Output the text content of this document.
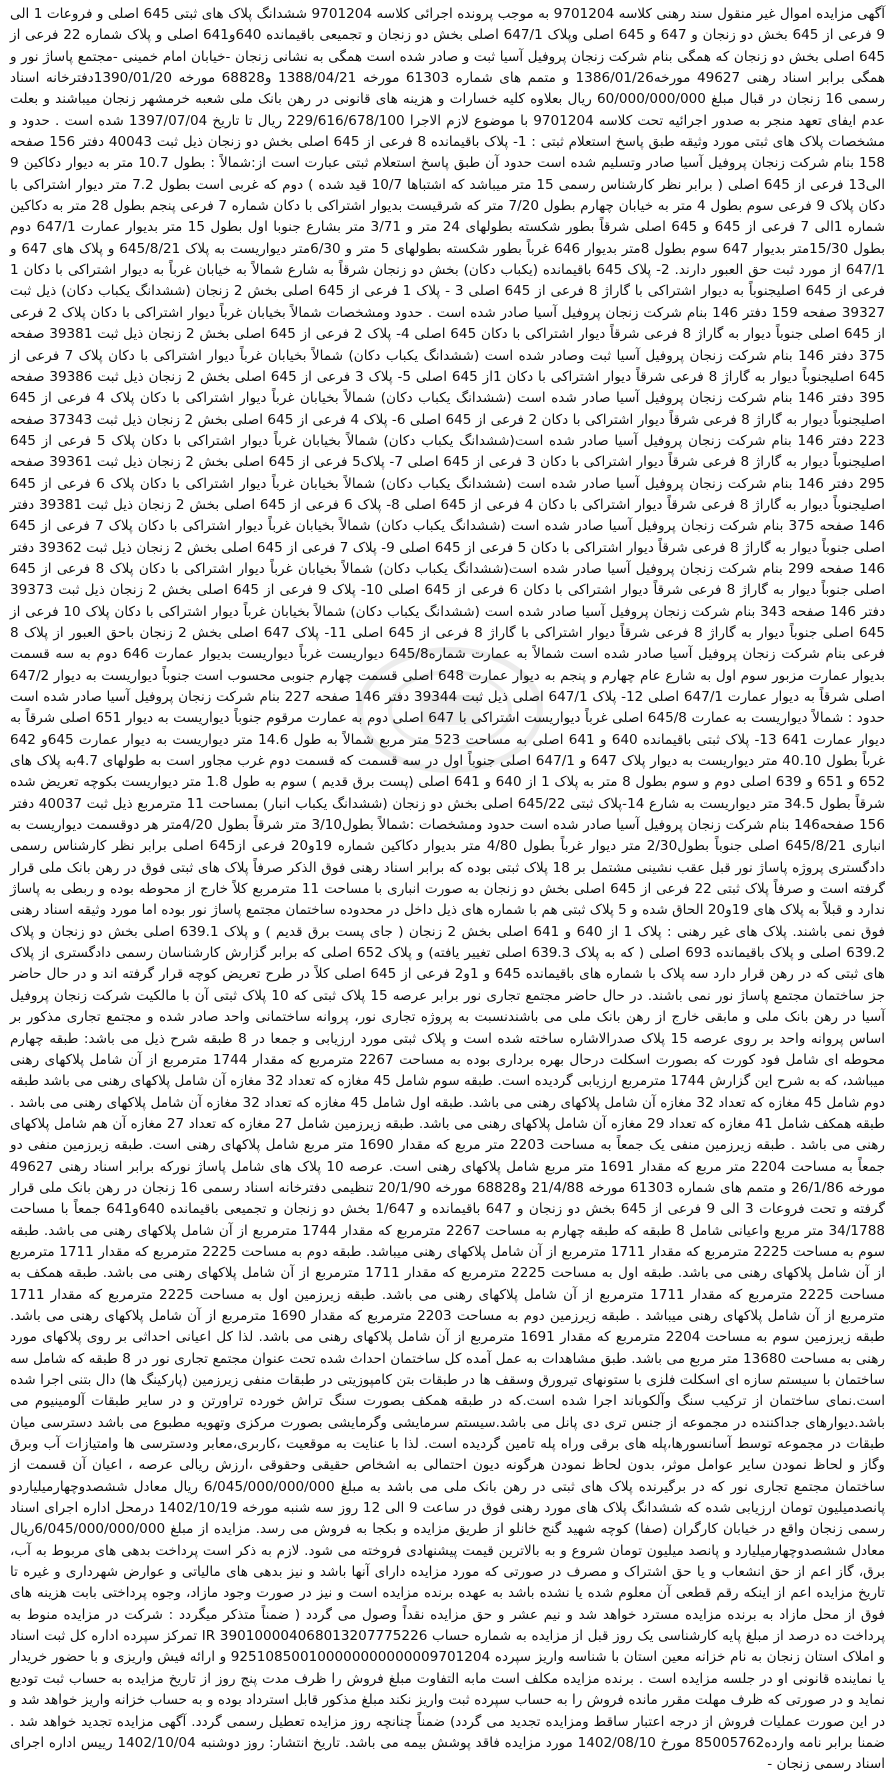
آگهی مزایده اموال غیر منقول سند رهنی کلاسه 9701204 به موجب پرونده اجرائی کلاسه 9701204 ششدانگ پلاک های ثبتی 645 اصلی و فروعات 1 الی 9 فرعی از 645 بخش دو زنجان و 647 و 645 اصلی وپلاک 647/1 اصلی بخش دو زنجان و تجمیعی باقیمانده 640و641 اصلی و پلاک شماره 22 فرعی از 645 اصلی بخش دو زنجان که همگی بنام شرکت زنجان پروفیل آسیا ثبت و صادر شده است همگی به نشانی زنجان -خیابان امام خمینی -مجتمع پاساژ نور و همگی برابر اسناد رهنی 49627 مورخه1386/01/26 و متمم های شماره 61303 مورخه 1388/04/21 و68828 مورخه 1390/01/20دفترخانه اسناد رسمی 16 زنجان در قبال مبلغ 60/000/000/000 ریال بعلاوه کلیه خسارات و هزینه های قانونی در رهن بانک ملی شعبه خرمشهر زنجان میباشند و بعلت عدم ایفای تعهد منجر به صدور اجرائیه تحت کلاسه 9701204 با موضوع لازم الاجرا 229/616/678/100 ریال تا تاریخ 1397/07/04 شده است . حدود و مشخصات پلاک های ثبتی مورد وثیقه طبق پاسخ استعلام ثبتی : 1- پلاک باقیمانده 8 فرعی از 645 اصلی بخش دو زنجان ذیل ثبت 40043 دفتر 156 صفحه 158 بنام شرکت زنجان پروفیل آسیا صادر وتسلیم شده است حدود آن طبق پاسخ استعلام ثبتی عبارت است از:شمالاً : بطول 10.7 متر به دیوار دکاکین 9 الی13 فرعی از 645 اصلی ( برابر نظر کارشناس رسمی 15 متر میباشد که اشتباها 10/7 قید شده ) دوم که غربی است بطول 7.2 متر دیوار اشتراکی با دکان پلاک 9 فرعی سوم بطول 4 متر به خیابان چهارم بطول 7/20 متر که شرقیست بدیوار اشتراکی با دکان شماره 7 فرعی پنجم بطول 28 متر به دکاکین شماره 1الی 7 فرعی از 645 و 645 اصلی شرقاً بطور شکسته بطولهای 24 متر و 3/71 متر بشارع جنوبا اول بطول 15 متر بدیوار عمارت 647/1 دوم بطول 15/30متر بدیوار 647 سوم بطول 8متر بدیوار 646 غرباً بطور شکسته بطولهای 5 متر و 6/30متر دیواریست به پلاک 645/8/21 و پلاک های 647 و 647/1 از مورد ثبت حق العبور دارند. 2- پلاک 645 باقیمانده (یکباب دکان) بخش دو زنجان شرقاً به شارع شمالاً به خیابان غرباً به دیوار اشتراکی با دکان 1 فرعی از 645 اصلیجنوباً به دیوار اشتراکی با گاراژ 8 فرعی از 645 اصلی 3 - پلاک 1 فرعی از 645 اصلی بخش 2 زنجان (ششدانگ یکباب دکان) ذیل ثبت 39327 صفحه 159 دفتر 146 بنام شرکت زنجان پروفیل آسیا صادر شده است . حدود ومشخصات شمالاً بخیابان غرباً دیوار اشتراکی با دکان پلاک 2 فرعی از 645 اصلی جنوباً دیوار به گاراژ 8 فرعی شرقاً دیوار اشتراکی با دکان 645 اصلی 4- پلاک 2 فرعی از 645 اصلی بخش 2 زنجان ذیل ثبت 39381 صفحه 375 دفتر 146 بنام شرکت زنجان پروفیل آسیا ثبت وصادر شده است (ششدانگ یکباب دکان) شمالاً بخیابان غرباً دیوار اشتراکی با دکان پلاک 7 فرعی از 645 اصلیجنوباً دیوار به گاراژ 8 فرعی شرقاً دیوار اشتراکی با دکان 1از 645 اصلی 5- پلاک 3 فرعی از 645 اصلی بخش 2 زنجان ذیل ثبت 39386 صفحه 395 دفتر 146 بنام شرکت زنجان پروفیل آسیا صادر شده است (ششدانگ یکباب دکان) شمالاً بخیابان غرباً دیوار اشتراکی با دکان پلاک 4 فرعی از 645 اصلیجنوباً دیوار به گاراژ 8 فرعی شرقاً دیوار اشتراکی با دکان 2 فرعی از 645 اصلی 6- پلاک 4 فرعی از 645 اصلی بخش 2 زنجان ذیل ثبت 37343 صفحه 223 دفتر 146 بنام شرکت زنجان پروفیل آسیا صادر شده است(ششدانگ یکباب دکان) شمالاً بخیابان غرباً دیوار اشتراکی با دکان پلاک 5 فرعی از 645 اصلیجنوباً دیوار به گاراژ 8 فرعی شرقاً دیوار اشتراکی با دکان 3 فرعی از 645 اصلی 7- پلاک5 فرعی از 645 اصلی بخش 2 زنجان ذیل ثبت 39361 صفحه 295 دفتر 146 بنام شرکت زنجان پروفیل آسیا صادر شده است (ششدانگ یکباب دکان) شمالاً بخیابان غرباً دیوار اشتراکی با دکان پلاک 6 فرعی از 645 اصلیجنوباً دیوار به گاراژ 8 فرعی شرقاً دیوار اشتراکی با دکان 4 فرعی از 645 اصلی 8- پلاک 6 فرعی از 645 اصلی بخش 2 زنجان ذیل ثبت 39381 دفتر 146 صفحه 375 بنام شرکت زنجان پروفیل آسیا صادر شده است (ششدانگ یکباب دکان) شمالاً بخیابان غرباً دیوار اشتراکی با دکان پلاک 7 فرعی از 645 اصلی جنوباً دیوار به گاراژ 8 فرعی شرقاً دیوار اشتراکی با دکان 5 فرعی از 645 اصلی 9- پلاک 7 فرعی از 645 اصلی بخش 2 زنجان ذیل ثبت 39362 دفتر 146 صفحه 299 بنام شرکت زنجان پروفیل آسیا صادر شده است(ششدانگ یکباب دکان) شمالاً بخیابان غرباً دیوار اشتراکی با دکان پلاک 8 فرعی از 645 اصلی جنوباً دیوار به گاراژ 8 فرعی شرقاً دیوار اشتراکی با دکان 6 فرعی از 645 اصلی 10- پلاک 9 فرعی از 645 اصلی بخش 2 زنجان ذیل ثبت 39373 دفتر 146 صفحه 343 بنام شرکت زنجان پروفیل آسیا صادر شده است (ششدانگ یکباب دکان) شمالاً بخیابان غرباً دیوار اشتراکی با دکان پلاک 10 فرعی از 645 اصلی جنوباً دیوار به گاراژ 8 فرعی شرقاً دیوار اشتراکی با گاراژ 8 فرعی از 645 اصلی 11- پلاک 647 اصلی بخش 2 زنجان باحق العبور از پلاک 8 فرعی بنام شرکت زنجان پروفیل آسیا صادر شده است شمالاً به عمارت شماره645/8 دیواریست غرباً دیواریست بدیوار عمارت 646 دوم به سه قسمت بدیوار عمارت مزبور سوم اول به شارع عام چهارم و پنجم به دیوار عمارت 648 اصلی قسمت چهارم جنوبی محسوب است جنوباً دیواریست به دیوار 647/2 اصلی شرقاً به دیوار عمارت 647/1 اصلی 12- پلاک 647/1 اصلی ذیل ثبت 39344 دفتر 146 صفحه 227 بنام شرکت زنجان پروفیل آسیا صادر شده است حدود : شمالاً دیواریست به عمارت 645/8 اصلی غرباً دیواریست اشتراکی با 647 اصلی دوم به عمارت مرقوم جنوباً دیواریست به دیوار 651 اصلی شرقاً به دیوار عمارت 641 13- پلاک ثبتی باقیمانده 640 و 641 اصلی به مساحت 523 متر مربع شمالاً به طول 14.6 متر دیواریست به دیوار عمارت 645و 642 غرباً بطول 40.10 متر دیواریست به دیوار پلاک 647 و 647/1 اصلی جنوباً اول در سه قسمت که قسمت دوم غرب مجاور است به طولهای 4.7به پلاک های 652 و 651 و 639 اصلی دوم و سوم بطول 8 متر به پلاک 1 از 640 و 641 اصلی (پست برق قدیم ) سوم به طول 1.8 متر دیواریست بکوچه تعریض شده شرقاً بطول 34.5 متر دیواریست به شارع 14-پلاک ثبتی 645/22 اصلی بخش دو زنجان (ششدانگ یکباب انبار) بمساحت 11 مترمربع ذیل ثبت 40037 دفتر 156 صفحه146 بنام شرکت زنجان پروفیل آسیا صادر شده است حدود ومشخصات :شمالاً بطول3/10 متر شرقاً بطول 4/20متر هر دوقسمت دیواریست به انباری 645/8/21 اصلی جنوباً بطول2/30 متر دیوار غرباً بطول 4/80 متر بدیوار دکاکین شماره 19و20 فرعی از645 اصلی برابر نظر کارشناس رسمی دادگستری پروژه پاساژ نور قبل عقب نشینی مشتمل بر 18 پلاک ثبتی بوده که برابر اسناد رهنی فوق الذکر صرفاً پلاک های ثبتی فوق در رهن بانک ملی قرار گرفته است و صرفاً پلاک ثبتی 22 فرعی از 645 اصلی بخش دو زنجان به صورت انباری با مساحت 11 مترمربع کلاً خارج از محوطه بوده و ربطی به پاساژ ندارد و قبلاً به پلاک های 19و20 الحاق شده و 5 پلاک ثبتی هم با شماره های ذیل داخل در محدوده ساختمان مجتمع پاساژ نور بوده اما مورد وثیقه اسناد رهنی فوق نمی باشند. پلاک های غیر رهنی : پلاک 1 از 640 و 641 اصلی بخش 2 زنجان ( جای پست برق قدیم ) و پلاک 639.1 اصلی بخش دو زنجان و پلاک 639.2 اصلی و پلاک باقیمانده 693 اصلی ( که به پلاک 639.3 اصلی تغییر یافته) و پلاک 652 اصلی که برابر گزارش کارشناسان رسمی دادگستری از پلاک های ثبتی که در رهن قرار دارد سه پلاک با شماره های باقیمانده 645 و 1و2 فرعی از 645 اصلی کلاً در طرح تعریض کوچه قرار گرفته اند و در حال حاضر جز ساختمان مجتمع پاساژ نور نمی باشند. در حال حاضر مجتمع تجاری نور برابر عرصه 15 پلاک ثبتی که 10 پلاک ثبتی آن با مالکیت شرکت زنجان پروفیل آسیا در رهن بانک ملی و مابقی خارج از رهن بانک ملی می باشندنسبت به پروژه تجاری نور، پروانه ساختمانی واحد صادر شده و مجتمع تجاری مذکور بر اساس پروانه واحد بر روی عرصه 15 پلاک صدرالاشاره ساخته شده است و پلاک ثبتی مورد ارزیابی و جمعا در 8 طبقه شرح ذیل می باشد: طبقه چهارم محوطه ای شامل فود کورت که بصورت اسکلت درحال بهره برداری بوده به مساحت 2267 مترمربع که مقدار 1744 مترمربع از آن شامل پلاکهای رهنی میباشد، که به شرح این گزارش 1744 مترمربع ارزیابی گردیده است. طبقه سوم شامل 45 مغازه که تعداد 32 مغازه آن شامل پلاکهای رهنی می باشد طبقه دوم شامل 45 مغازه که تعداد 32 مغازه آن شامل پلاکهای رهنی می باشد. طبقه اول شامل 45 مغازه که تعداد 32 مغازه آن شامل پلاکهای رهنی می باشد . طبقه همکف شامل 41 مغازه که تعداد 29 مغازه آن شامل پلاکهای رهنی می باشد. طبقه زیرزمین شامل 27 مغازه که تعداد 27 مغازه آن هم شامل پلاکهای رهنی می باشد . طبقه زیرزمین منفی یک جمعاً به مساحت 2203 متر مربع که مقدار 1690 متر مربع شامل پلاکهای رهنی است. طبقه زیرزمین منفی دو جمعاً به مساحت 2204 متر مربع که مقدار 1691 متر مربع شامل پلاکهای رهنی است. عرصه 10 پلاک های شامل پاساژ نورکه برابر اسناد رهنی 49627 مورخه 26/1/86 و متمم های شماره 61303 مورخه 21/4/88 و68828 مورخه 20/1/90 تنظیمی دفترخانه اسناد رسمی 16 زنجان در رهن بانک ملی قرار گرفته و تحت فروعات 3 الی 9 فرعی از 645 بخش دو زنجان و 647 باقیمانده و 1/647 بخش دو زنجان و تجمیعی باقیمانده 640و641 جمعاً با مساحت 34/1788 متر مربع واعیانی شامل 8 طبقه که طبقه چهارم به مساحت 2267 مترمربع که مقدار 1744 مترمربع از آن شامل پلاکهای رهنی می باشد. طبقه سوم به مساحت 2225 مترمربع که مقدار 1711 مترمربع از آن شامل پلاکهای رهنی میباشد. طبقه دوم به مساحت 2225 مترمربع که مقدار 1711 مترمربع از آن شامل پلاکهای رهنی می باشد. طبقه اول به مساحت 2225 مترمربع که مقدار 1711 مترمربع از آن شامل پلاکهای رهنی می باشد. طبقه همکف به مساحت 2225 مترمربع که مقدار 1711 مترمربع از آن شامل پلاکهای رهنی می باشد. طبقه زیرزمین اول به مساحت 2225 مترمربع که مقدار 1711 مترمربع از آن شامل پلاکهای رهنی میباشد . طبقه زیرزمین دوم به مساحت 2203 مترمربع که مقدار 1690 مترمربع از آن شامل پلاکهای رهنی می باشد. طبقه زیرزمین سوم به مساحت 2204 مترمربع که مقدار 1691 مترمربع از آن شامل پلاکهای رهنی می باشد. لذا کل اعیانی احداثی بر روی پلاکهای مورد رهنی به مساحت 13680 متر مربع می باشد. طبق مشاهدات به عمل آمده کل ساختمان احداث شده تحت عنوان مجتمع تجاری نور در 8 طبقه که شامل سه ساختمان با سیستم سازه ای اسکلت فلزی با ستونهای تیرورق وسقف ها در طبقات بتن کامپوزیتی در طبقات منفی زیرزمین (پارکینگ ها) دال بتنی اجرا شده است.نمای ساختمان از ترکیب سنگ وآلکوباند اجرا شده است.که در طبقه همکف بصورت سنگ تراش خورده تراورتن و در سایر طبقات آلومینیوم می باشد.دیوارهای جداکننده در مجموعه از جنس تری دی پانل می باشد.سیستم سرمایشی وگرمایشی بصورت مرکزی وتهویه مطبوع می باشد دسترسی میان طبقات در مجموعه توسط آسانسورها،پله های برقی وراه پله تامین گردیده است. لذا با عنایت به موقعیت ،کاربری،معابر ودسترسی ها وامتیازات آب وبرق وگاز و لحاظ نمودن سایر عوامل موثر، بدون لحاظ نمودن هرگونه دیون احتمالی به اشخاص حقیقی وحقوقی ،ارزش ریالی عرصه ، اعیان آن قسمت از ساختمان مجتمع تجاری نور که در برگیرنده پلاک های ثبتی در رهن بانک ملی می باشد به مبلغ 6/045/000/000/000 ریال معادل ششصدوچهارمیلیاردو پانصدمیلیون تومان ارزیابی شده که ششدانگ پلاک های مورد رهنی فوق در ساعت 9 الی 12 روز سه شنبه مورخه 1402/10/19 درمحل اداره اجرای اسناد رسمی زنجان واقع در خیابان کارگران (صفا) کوچه شهید گنج خانلو از طریق مزایده و بکجا به فروش می رسد. مزایده از مبلغ 6/045/000/000/000ریال معادل ششصدوچهارمیلیارد و پانصد میلیون تومان شروع و به بالاترین قیمت پیشنهادی فروخته می شود. لازم به ذکر است پرداخت بدهی های مربوط به آب، برق، گاز اعم از حق انشعاب و یا حق اشتراک و مصرف در صورتی که مورد مزایده دارای آنها باشد و نیز بدهی های مالیاتی و عوارض شهرداری و غیره تا تاریخ مزایده اعم از اینکه رقم قطعی آن معلوم شده یا نشده باشد به عهده برنده مزایده است و نیز در صورت وجود مازاد، وجوه پرداختی بابت هزینه های فوق از محل مازاد به برنده مزایده مسترد خواهد شد و نیم عشر و حق مزایده نقداً وصول می گردد ( ضمناً متذکر میگردد : شرکت در مزایده منوط به پرداخت ده درصد از مبلغ پایه کارشناسی یک روز قبل از مزایده به شماره حساب IR 390100004068013207775226 تمرکز سپرده اداره کل ثبت اسناد و املاک استان زنجان به نام خزانه معین استان با شناسه واریز سپرده 925108500100000000000009701204 و ارائه فیش واریزی و با حضور خریدار یا نماینده قانونی او در جلسه مزایده است . برنده مزایده مکلف است مابه التفاوت مبلغ فروش را ظرف مدت پنج روز از تاریخ مزایده به حساب ثبت تودیع نماید و در صورتی که ظرف مهلت مقرر مانده فروش را به حساب سپرده ثبت واریز نکند مبلغ مذکور قابل استرداد بوده و به حساب خزانه واریز خواهد شد و در این صورت عملیات فروش از درجه اعتبار ساقط ومزایده تجدید می گردد) ضمناً چنانچه روز مزایده تعطیل رسمی گردد. آگهی مزایده تجدید خواهد شد . ضمنا برابر نامه وارده85005762 مورخ 1402/08/10 مورد مزایده فاقد پوشش بیمه می باشد. تاریخ انتشار: روز دوشنبه 1402/10/04 رییس اداره اجرای اسناد رسمی زنجان -
